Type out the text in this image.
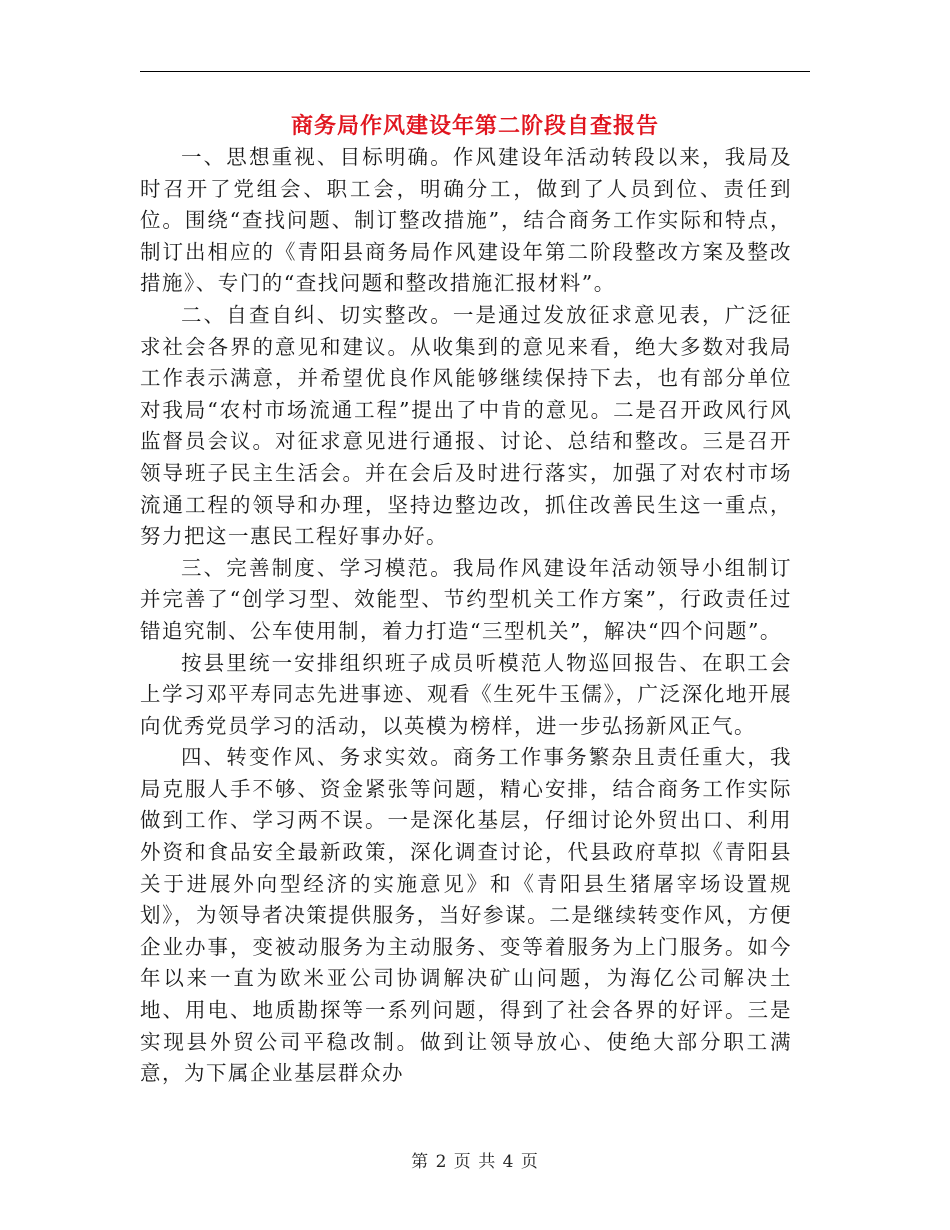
商务局作风建设年第二阶段自查报告

一、思想重视、目标明确。作风建设年活动转段以来，我局及时召开了党组会、职工会，明确分工，做到了人员到位、责任到位。围绕“查找问题、制订整改措施”，结合商务工作实际和特点，制订出相应的《青阳县商务局作风建设年第二阶段整改方案及整改措施》、专门的“查找问题和整改措施汇报材料”。

二、自查自纠、切实整改。一是通过发放征求意见表，广泛征求社会各界的意见和建议。从收集到的意见来看，绝大多数对我局工作表示满意，并希望优良作风能够继续保持下去，也有部分单位对我局“农村市场流通工程”提出了中肯的意见。二是召开政风行风监督员会议。对征求意见进行通报、讨论、总结和整改。三是召开领导班子民主生活会。并在会后及时进行落实，加强了对农村市场流通工程的领导和办理，坚持边整边改，抓住改善民生这一重点，努力把这一惠民工程好事办好。

三、完善制度、学习模范。我局作风建设年活动领导小组制订并完善了“创学习型、效能型、节约型机关工作方案”，行政责任过错追究制、公车使用制，着力打造“三型机关”，解决“四个问题”。

按县里统一安排组织班子成员听模范人物巡回报告、在职工会上学习邓平寿同志先进事迹、观看《生死牛玉儒》，广泛深化地开展向优秀党员学习的活动，以英模为榜样，进一步弘扬新风正气。

四、转变作风、务求实效。商务工作事务繁杂且责任重大，我局克服人手不够、资金紧张等问题，精心安排，结合商务工作实际做到工作、学习两不误。一是深化基层，仔细讨论外贸出口、利用外资和食品安全最新政策，深化调查讨论，代县政府草拟《青阳县关于进展外向型经济的实施意见》和《青阳县生猪屠宰场设置规划》，为领导者决策提供服务，当好参谋。二是继续转变作风，方便企业办事，变被动服务为主动服务、变等着服务为上门服务。如今年以来一直为欧米亚公司协调解决矿山问题，为海亿公司解决土地、用电、地质勘探等一系列问题，得到了社会各界的好评。三是实现县外贸公司平稳改制。做到让领导放心、使绝大部分职工满意，为下属企业基层群众办

第 2 页 共 4 页
